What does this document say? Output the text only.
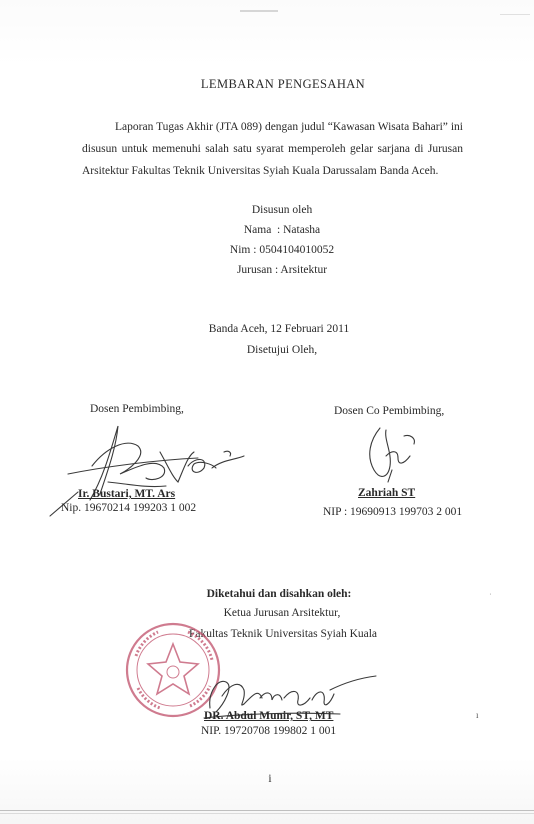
LEMBARAN PENGESAHAN
Laporan Tugas Akhir (JTA 089) dengan judul “Kawasan Wisata Bahari” ini
disusun untuk memenuhi salah satu syarat memperoleh gelar sarjana di Jurusan
Arsitektur Fakultas Teknik Universitas Syiah Kuala Darussalam Banda Aceh.
Disusun oleh
Nama  : Natasha
Nim : 0504104010052
Jurusan : Arsitektur
Banda Aceh, 12 Februari 2011
Disetujui Oleh,
Dosen Pembimbing,
Ir. Bustari, MT. Ars
Nip. 19670214 199203 1 002
Dosen Co Pembimbing,
Zahriah ST
NIP : 19690913 199703 2 001
Diketahui dan disahkan oleh:
Ketua Jurusan Arsitektur,
Fakultas Teknik Universitas Syiah Kuala
DR. Abdul Munir, ST, MT
NIP. 19720708 199802 1 001
ı
˙
i
